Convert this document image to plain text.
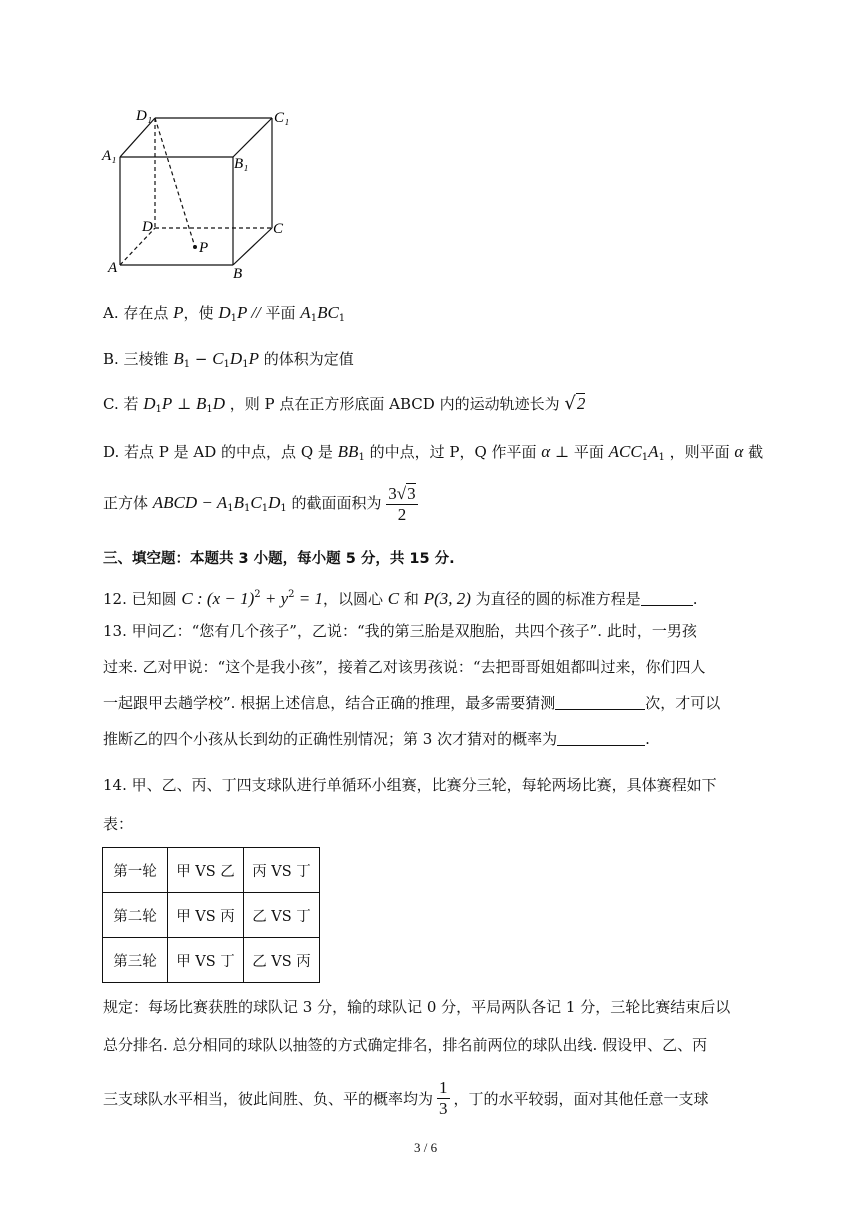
D₁	C₁
A₁	B₁
D	C
A	B
P
A. 存在点 P，使 $D_1P$ // 平面 $A_1BC_1$
B. 三棱锥 $B_1 - C_1D_1P$ 的体积为定值
C. 若 $D_1P$ ⊥ $B_1D$ ，则 P 点在正方形底面 ABCD 内的运动轨迹长为 √2
D. 若点 P 是 AD 的中点，点 Q 是 $BB_1$ 的中点，过 P，Q 作平面 α ⊥ 平面 $ACC_1A_1$ ，则平面 α 截
正方体 ABCD − $A_1B_1C_1D_1$ 的截面面积为 $\frac{3√3}{2}$
三、填空题：本题共 3 小题，每小题 5 分，共 15 分.
12. 已知圆 C : $(x - 1)^2 + y^2 = 1$，以圆心 C 和 P(3, 2) 为直径的圆的标准方程是	.
13. 甲问乙：“您有几个孩子”，乙说：“我的第三胎是双胞胎，共四个孩子”. 此时，一男孩
过来. 乙对甲说：“这个是我小孩”，接着乙对该男孩说：“去把哥哥姐姐都叫过来，你们四人
一起跟甲去趟学校”. 根据上述信息，结合正确的推理，最多需要猜测	次，才可以
推断乙的四个小孩从长到幼的正确性别情况；第 3 次才猜对的概率为	.
14. 甲、乙、丙、丁四支球队进行单循环小组赛，比赛分三轮，每轮两场比赛，具体赛程如下
表：
第一轮	甲 VS 乙	丙 VS 丁
第二轮	甲 VS 丙	乙 VS 丁
第三轮	甲 VS 丁	乙 VS 丙
规定：每场比赛获胜的球队记 3 分，输的球队记 0 分，平局两队各记 1 分，三轮比赛结束后以
总分排名. 总分相同的球队以抽签的方式确定排名，排名前两位的球队出线. 假设甲、乙、丙
三支球队水平相当，彼此间胜、负、平的概率均为 $\frac{1}{3}$ ，丁的水平较弱，面对其他任意一支球
3 / 6
